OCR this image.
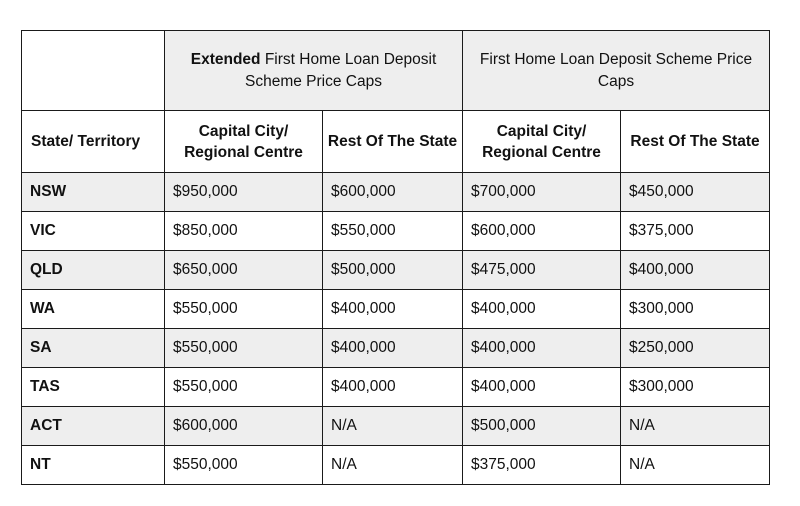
	Extended First Home Loan Deposit Scheme Price Caps		First Home Loan Deposit Scheme Price Caps	
State/ Territory	Capital City/ Regional Centre	Rest Of The State	Capital City/ Regional Centre	Rest Of The State
NSW	$950,000	$600,000	$700,000	$450,000
VIC	$850,000	$550,000	$600,000	$375,000
QLD	$650,000	$500,000	$475,000	$400,000
WA	$550,000	$400,000	$400,000	$300,000
SA	$550,000	$400,000	$400,000	$250,000
TAS	$550,000	$400,000	$400,000	$300,000
ACT	$600,000	N/A	$500,000	N/A
NT	$550,000	N/A	$375,000	N/A
